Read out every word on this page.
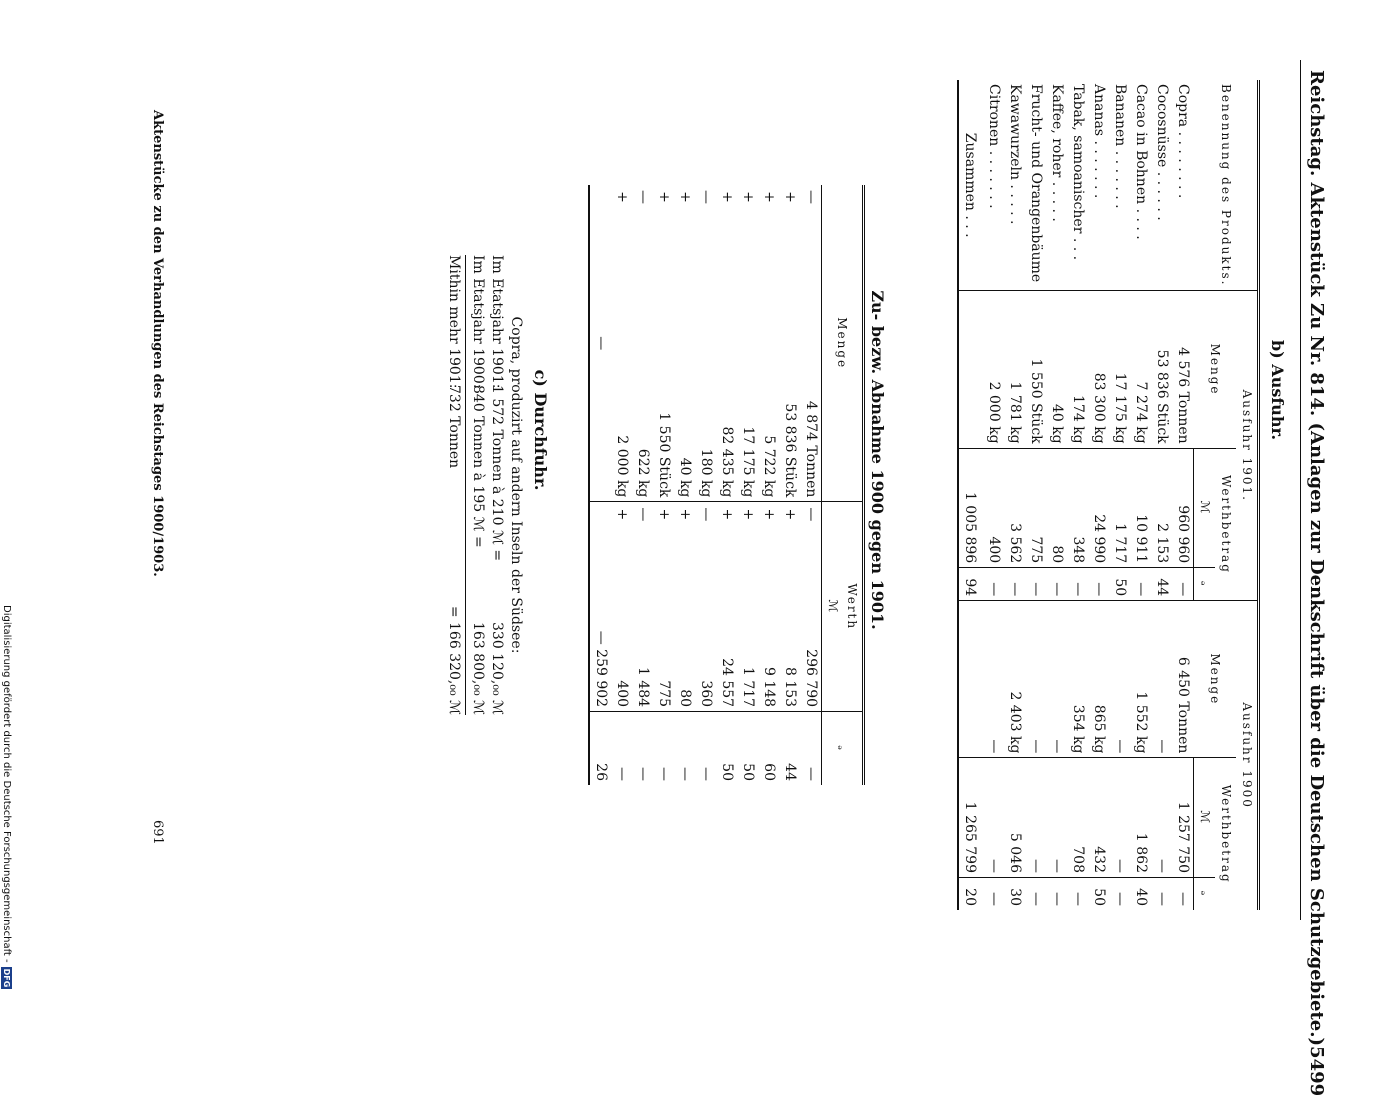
Reichstag. Aktenstück Zu Nr. 814. (Anlagen zur Denkschrift über die Deutschen Schutzgebiete.)
5499
b) Ausfuhr.
Benennung des Produkts.	Ausfuhr 1901.			Ausfuhr 1900		
	Menge	Werthbetrag		Menge	Werthbetrag	
		ℳ	ₔ		ℳ	ₔ
Copra . . . . . . . .	4 576 Tonnen	960 960	—	6 450 Tonnen	1 257 750	—
Cocosnüsse . . . . . .	53 836 Stück	2 153	44	—	—	—
Cacao in Bohnen . . . .	7 274 kg	10 911	—	1 552 kg	1 862	40
Bananen . . . . . . .	17 175 kg	1 717	50	—	—	—
Ananas . . . . . . .	83 300 kg	24 990	—	865 kg	432	50
Tabak, samoanischer . . .	174 kg	348	—	354 kg	708	—
Kaffee, roher . . . . .	40 kg	80	—	—	—	—
Frucht- und Orangenbäume	1 550 Stück	775	—	—	—	—
Kawawurzeln . . . . .	1 781 kg	3 562	—	2 403 kg	5 046	30
Citronen . . . . . . .	2 000 kg	400	—	—	—	—
Zusammen . . .		1 005 896	94		1 265 799	20
Zu- bezw. Abnahme 1900 gegen 1901.
Menge		Werth
ℳ		ₔ
—	4 874 Tonnen	—	296 790	—
+	53 836 Stück	+	8 153	44
+	5 722 kg	+	9 148	60
+	17 175 kg	+	1 717	50
+	82 435 kg	+	24 557	50
—	180 kg	—	360	—
+	40 kg	+	80	—
+	1 550 Stück	+	775	—
—	622 kg	—	1 484	—
+	2 000 kg	+	400	—
—		— 259 902		26
c) Durchfuhr.
Copra, produzirt auf andern Inseln der Südsee:
Im Etatsjahr 1901:
1 572 Tonnen à 210 ℳ =
330 120,₀₀ ℳ
Im Etatsjahr 1900:
840 Tonnen à 195 ℳ =
163 800,₀₀ ℳ
Mithin mehr 1901:
732 Tonnen
= 166 320,₀₀ ℳ
Aktenstücke zu den Verhandlungen des Reichstages 1900/1903.
691
Digitalisierung gefördert durch die Deutsche Forschungsgemeinschaft -
DFG
